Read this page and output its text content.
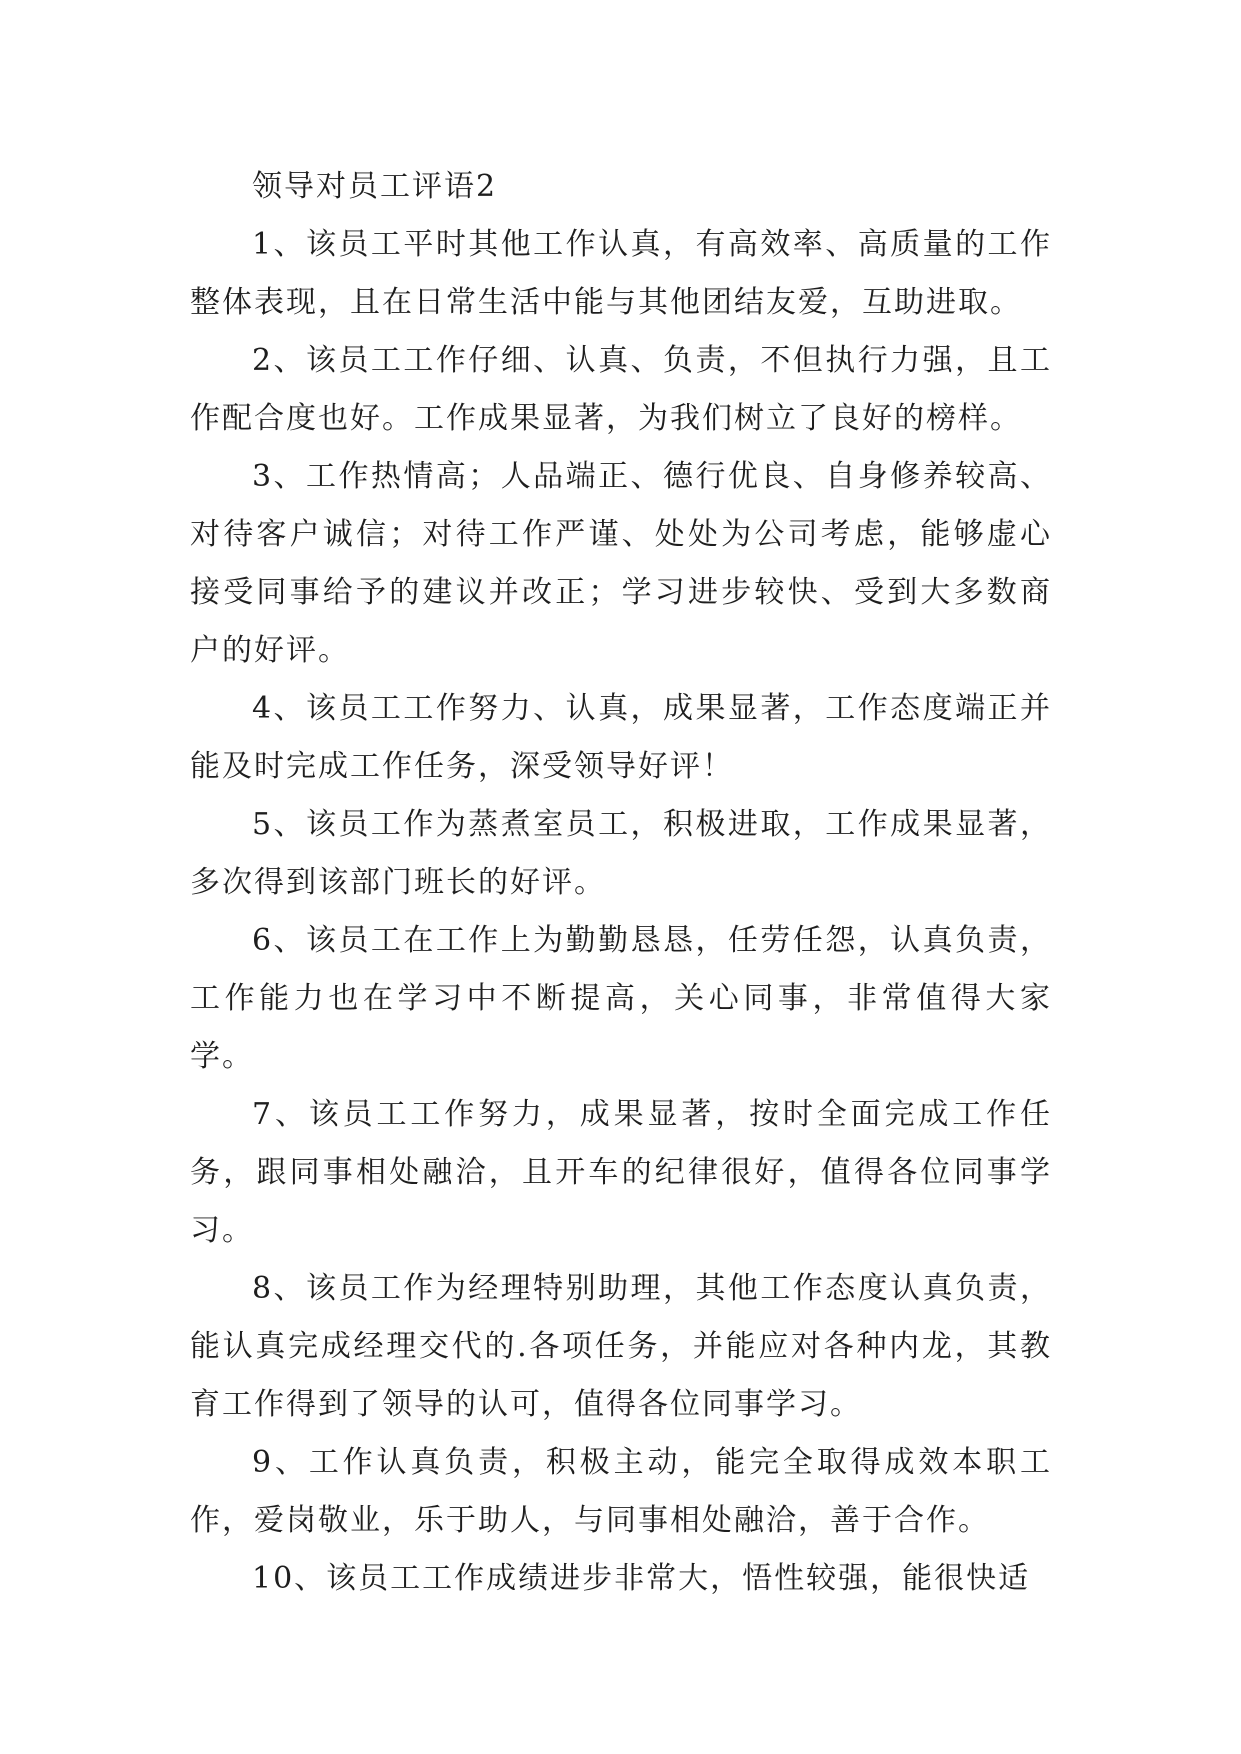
领导对员工评语2

1、该员工平时其他工作认真，有高效率、高质量的工作整体表现，且在日常生活中能与其他团结友爱，互助进取。

2、该员工工作仔细、认真、负责，不但执行力强，且工作配合度也好。工作成果显著，为我们树立了良好的榜样。

3、工作热情高；人品端正、德行优良、自身修养较高、对待客户诚信；对待工作严谨、处处为公司考虑，能够虚心接受同事给予的建议并改正；学习进步较快、受到大多数商户的好评。

4、该员工工作努力、认真，成果显著，工作态度端正并能及时完成工作任务，深受领导好评！

5、该员工作为蒸煮室员工，积极进取，工作成果显著，多次得到该部门班长的好评。

6、该员工在工作上为勤勤恳恳，任劳任怨，认真负责，工作能力也在学习中不断提高，关心同事，非常值得大家学。

7、该员工工作努力，成果显著，按时全面完成工作任务，跟同事相处融洽，且开车的纪律很好，值得各位同事学习。

8、该员工作为经理特别助理，其他工作态度认真负责，能认真完成经理交代的.各项任务，并能应对各种内龙，其教育工作得到了领导的认可，值得各位同事学习。

9、工作认真负责，积极主动，能完全取得成效本职工作，爱岗敬业，乐于助人，与同事相处融洽，善于合作。

10、该员工工作成绩进步非常大，悟性较强，能很快适
